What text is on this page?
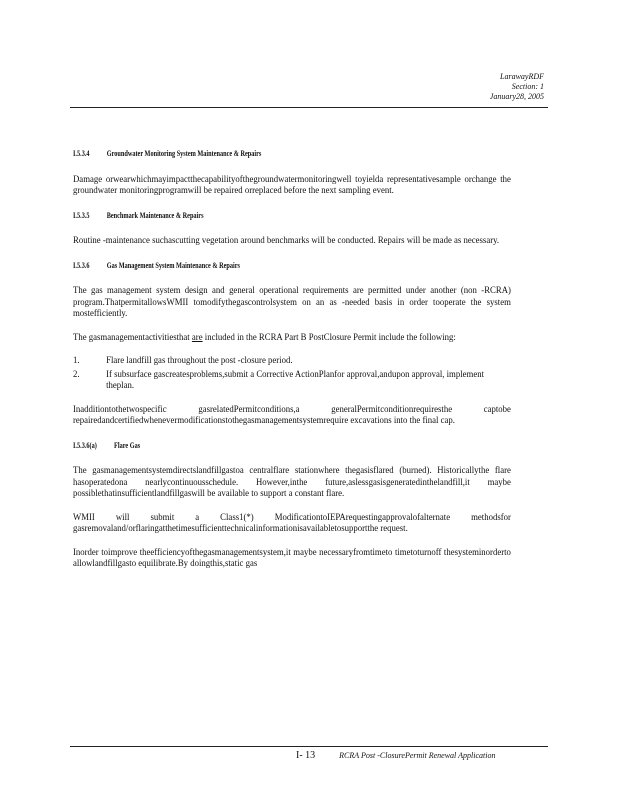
LarawayRDF
Section: 1
January28, 2005
I.5.3.4 Groundwater Monitoring System Maintenance & Repairs

Damage orwearwhichmayimpactthecapabilityofthegroundwatermonitoringwell toyielda representativesample orchange the groundwater monitoringprogramwill be repaired orreplaced before the next sampling event.

I.5.3.5 Benchmark Maintenance & Repairs

Routine -maintenance suchascutting vegetation around benchmarks will be conducted. Repairs will be made as necessary.

I.5.3.6 Gas Management System Maintenance & Repairs

The gas management system design and general operational requirements are permitted under another (non -RCRA) program.ThatpermitallowsWMII tomodifythegascontrolsystem on an as -needed basis in order tooperate the system mostefficiently.

The gasmanagementactivitiesthat are included in the RCRA Part B PostClosure Permit include the following:

1.	Flare landfill gas throughout the post -closure period.
2.	If subsurface gascreatesproblems,submit a Corrective ActionPlanfor approval,andupon approval, implement theplan.

Inadditiontothetwospecific gasrelatedPermitconditions,a generalPermitconditionrequiresthe captobe repairedandcertifiedwhenevermodificationstothegasmanagementsystemrequire excavations into the final cap.

I.5.3.6(a) Flare Gas

The gasmanagementsystemdirectslandfillgastoa centralflare stationwhere thegasisflared (burned). Historicallythe flare hasoperatedona nearlycontinuousschedule. However,inthe future,aslessgasisgeneratedinthelandfill,it maybe possiblethatinsufficientlandfillgaswill be available to support a constant flare.

WMII will submit a Class1(*) ModificationtoIEPArequestingapprovalofalternate methodsfor gasremovaland/orflaringatthetimesufficienttechnicalinformationisavailabletosupportthe request.

Inorder toimprove theefficiencyofthegasmanagementsystem,it maybe necessaryfromtimeto timetoturnoff thesysteminorderto allowlandfillgasto equilibrate.By doingthis,static gas

I- 13	RCRA Post -ClosurePermit Renewal Application
